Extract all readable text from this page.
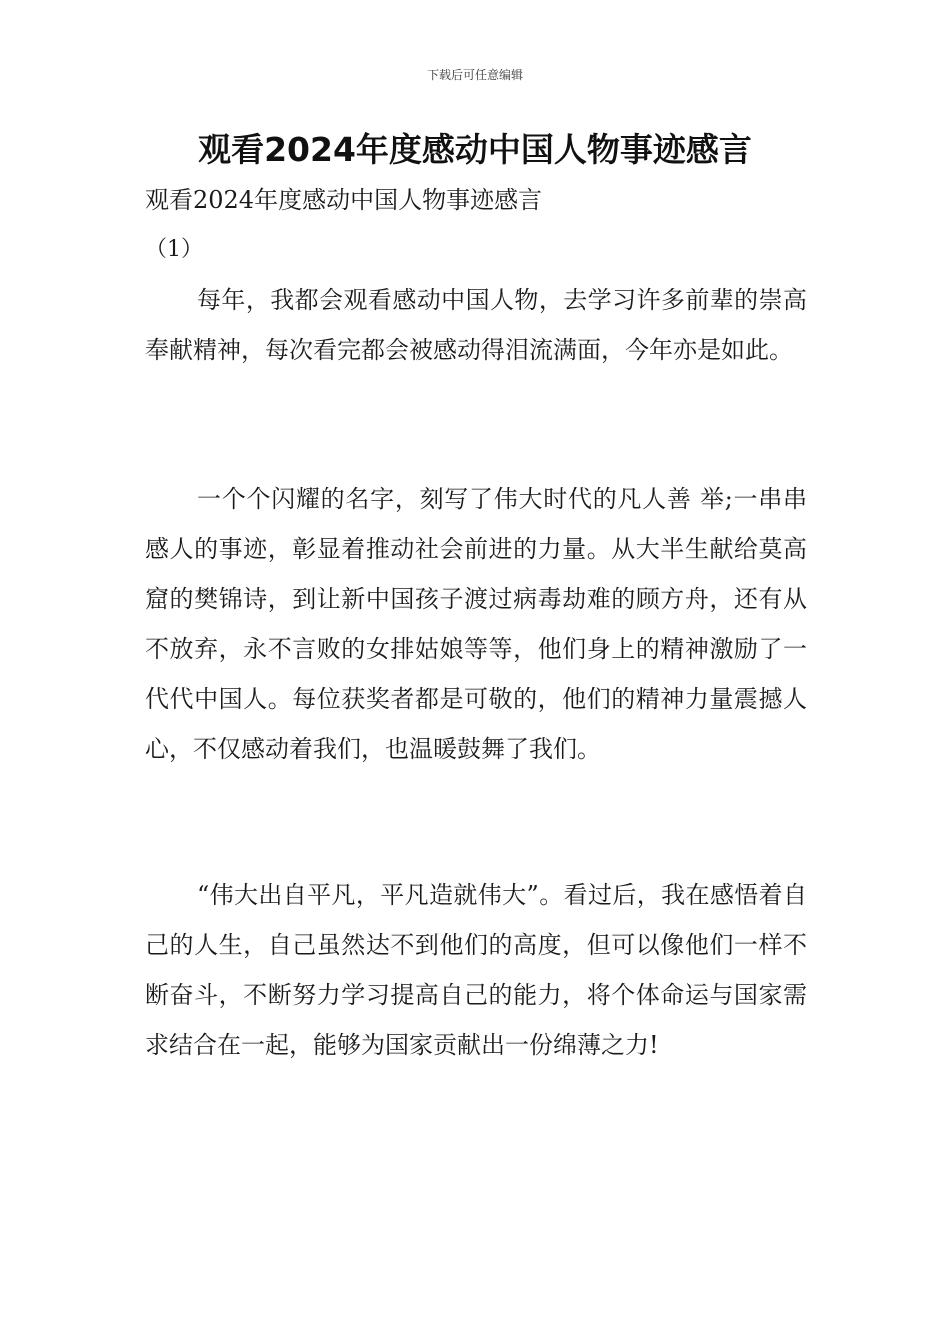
下载后可任意编辑
观看2024年度感动中国人物事迹感言
观看2024年度感动中国人物事迹感言
（1）

每年，我都会观看感动中国人物，去学习许多前辈的崇高奉献精神，每次看完都会被感动得泪流满面，今年亦是如此。

一个个闪耀的名字，刻写了伟大时代的凡人善 举;一串串感人的事迹，彰显着推动社会前进的力量。从大半生献给莫高窟的樊锦诗，到让新中国孩子渡过病毒劫难的顾方舟，还有从不放弃，永不言败的女排姑娘等等，他们身上的精神激励了一代代中国人。每位获奖者都是可敬的，他们的精神力量震撼人心，不仅感动着我们，也温暖鼓舞了我们。

“伟大出自平凡，平凡造就伟大”。看过后，我在感悟着自己的人生，自己虽然达不到他们的高度，但可以像他们一样不断奋斗，不断努力学习提高自己的能力，将个体命运与国家需求结合在一起，能够为国家贡献出一份绵薄之力!
